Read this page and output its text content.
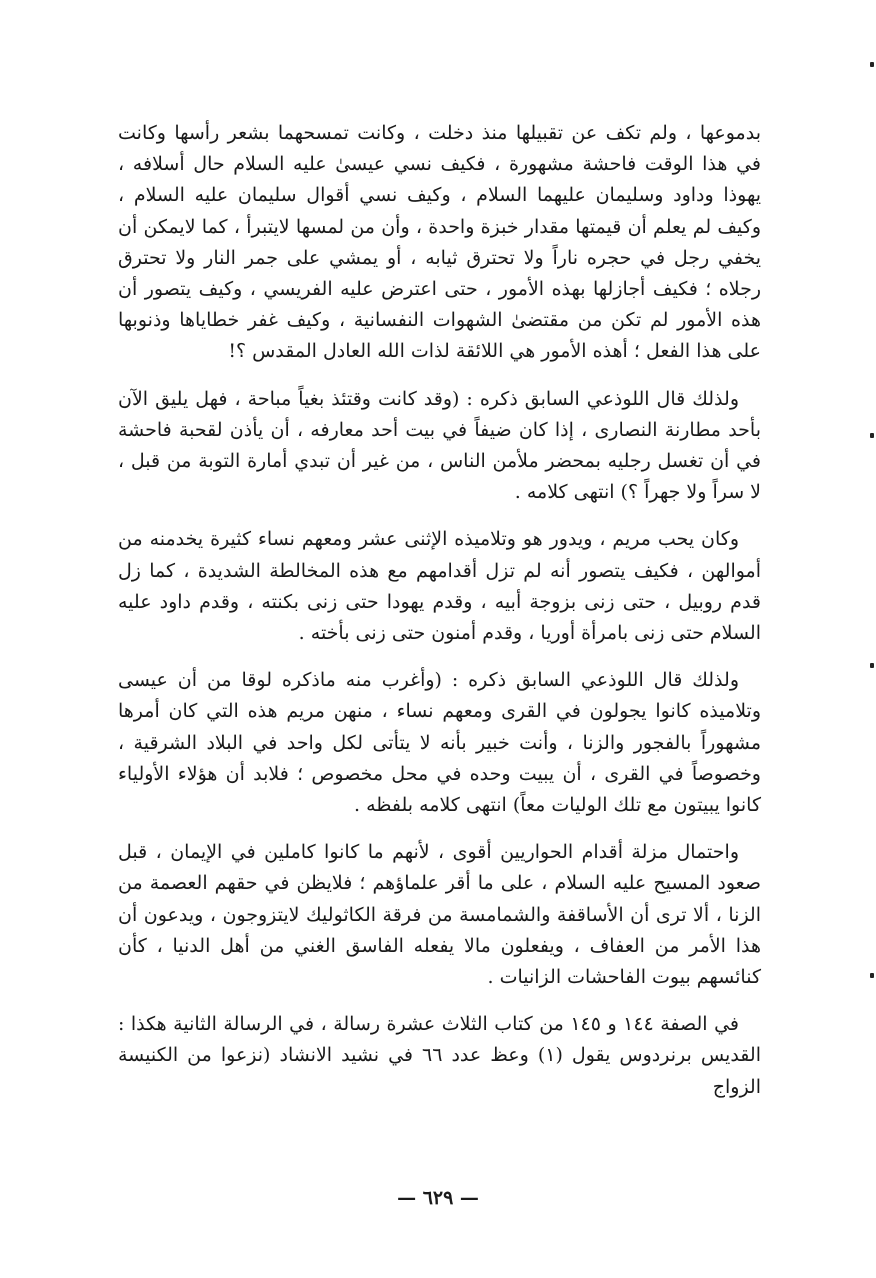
بدموعها ، ولم تكف عن تقبيلها منذ دخلت ، وكانت تمسحهما بشعر رأسها وكانت في هذا الوقت فاحشة مشهورة ، فكيف نسي عيسىٰ عليه السلام حال أسلافه ، يهوذا وداود وسليمان عليهما السلام ، وكيف نسي أقوال سليمان عليه السلام ، وكيف لم يعلم أن قيمتها مقدار خبزة واحدة ، وأن من لمسها لايتبرأ ، كما لايمكن أن يخفي رجل في حجره ناراً ولا تحترق ثيابه ، أو يمشي على جمر النار ولا تحترق رجلاه ؛ فكيف أجازلها بهذه الأمور ، حتى اعترض عليه الفريسي ، وكيف يتصور أن هذه الأمور لم تكن من مقتضىٰ الشهوات النفسانية ، وكيف غفر خطاياها وذنوبها على هذا الفعل ؛ أهذه الأمور هي اللائقة لذات الله العادل المقدس ؟!

ولذلك قال اللوذعي السابق ذكره : (وقد كانت وقتئذ بغياً مباحة ، فهل يليق الآن بأحد مطارنة النصارى ، إذا كان ضيفاً في بيت أحد معارفه ، أن يأذن لقحبة فاحشة في أن تغسل رجليه بمحضر ملأمن الناس ، من غير أن تبدي أمارة التوبة من قبل ، لا سراً ولا جهراً ؟) انتهى كلامه .

وكان يحب مريم ، ويدور هو وتلاميذه الإثنى عشر ومعهم نساء كثيرة يخدمنه من أموالهن ، فكيف يتصور أنه لم تزل أقدامهم مع هذه المخالطة الشديدة ، كما زل قدم روبيل ، حتى زنى بزوجة أبيه ، وقدم يهودا حتى زنى بكنته ، وقدم داود عليه السلام حتى زنى بامرأة أوريا ، وقدم أمنون حتى زنى بأخته .

ولذلك قال اللوذعي السابق ذكره : (وأغرب منه ماذكره لوقا من أن عيسى وتلاميذه كانوا يجولون في القرى ومعهم نساء ، منهن مريم هذه التي كان أمرها مشهوراً بالفجور والزنا ، وأنت خبير بأنه لا يتأتى لكل واحد في البلاد الشرقية ، وخصوصاً في القرى ، أن يبيت وحده في محل مخصوص ؛ فلابد أن هؤلاء الأولياء كانوا يبيتون مع تلك الوليات معاً) انتهى كلامه بلفظه .

واحتمال مزلة أقدام الحواريين أقوى ، لأنهم ما كانوا كاملين في الإيمان ، قبل صعود المسيح عليه السلام ، على ما أقر علماؤهم ؛ فلايظن في حقهم العصمة من الزنا ، ألا ترى أن الأساقفة والشمامسة من فرقة الكاثوليك لايتزوجون ، ويدعون أن هذا الأمر من العفاف ، ويفعلون مالا يفعله الفاسق الغني من أهل الدنيا ، كأن كنائسهم بيوت الفاحشات الزانيات .

في الصفة ١٤٤ و ١٤٥ من كتاب الثلاث عشرة رسالة ، في الرسالة الثانية هكذا : القديس برنردوس يقول (١) وعظ عدد ٦٦ في نشيد الانشاد (نزعوا من الكنيسة الزواج

— ٦٢٩ —
